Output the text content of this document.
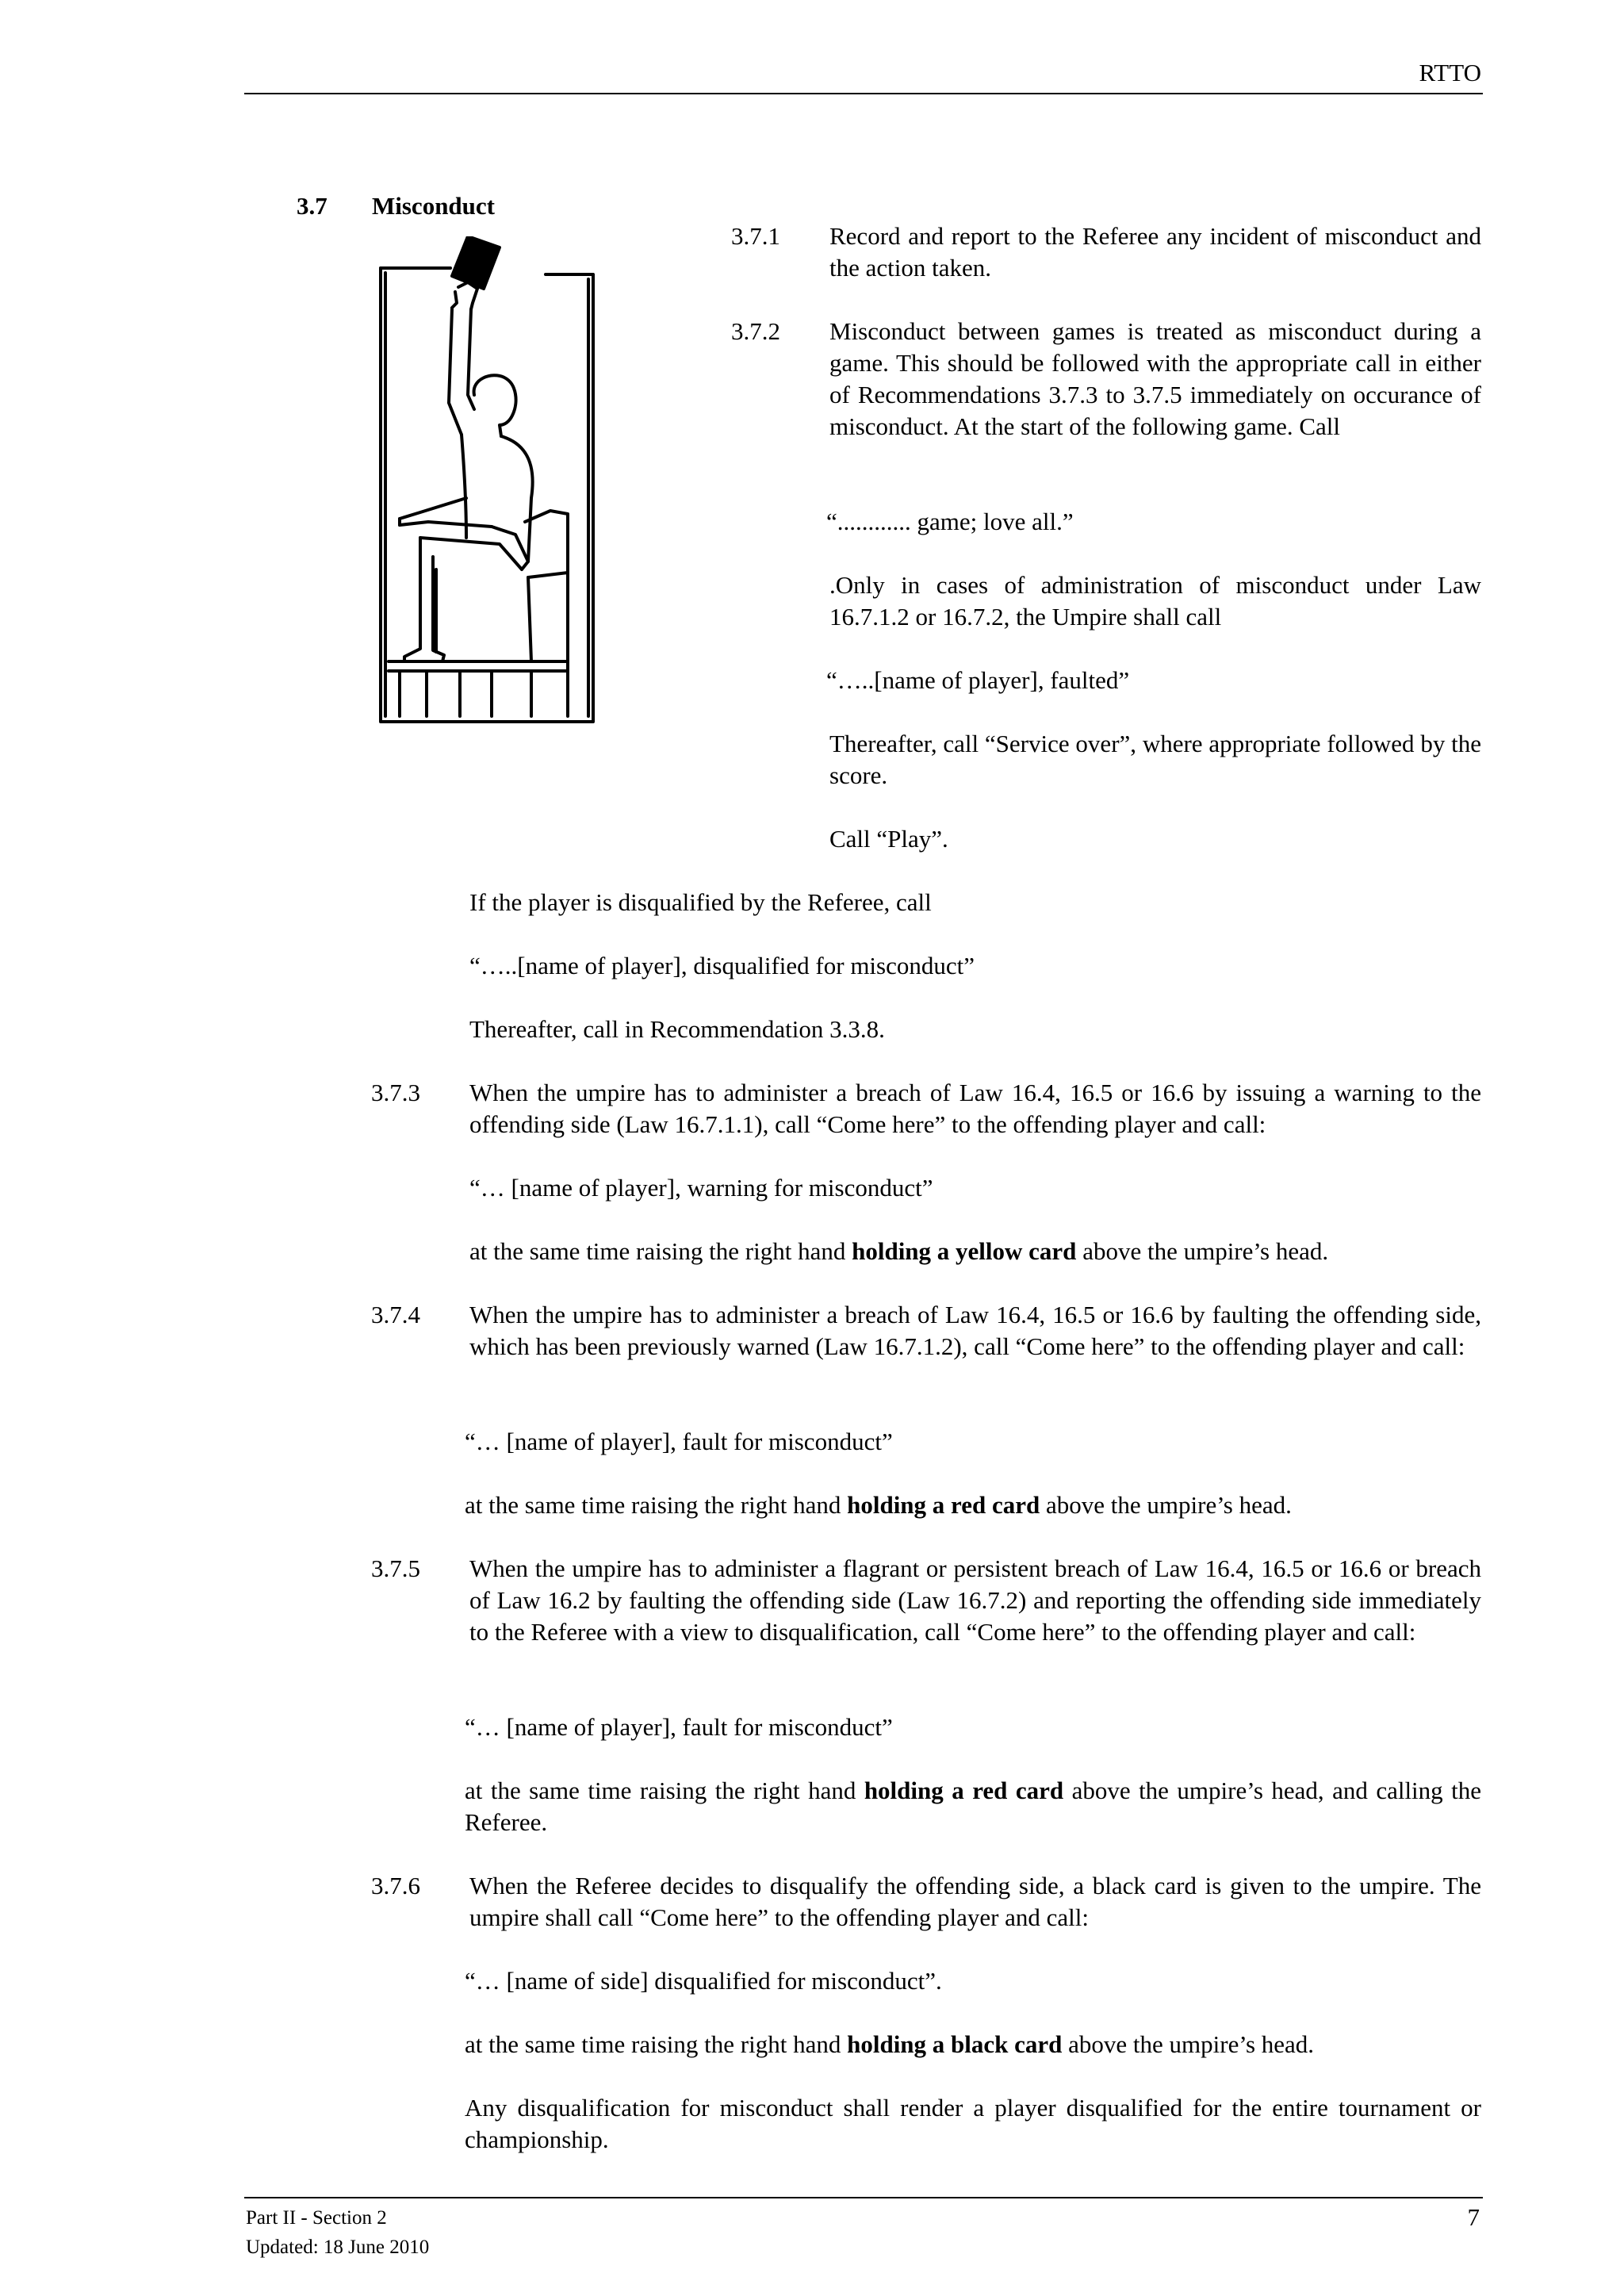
RTTO
3.7 Misconduct
3.7.1 Record and report to the Referee any incident of misconduct and the action taken.
3.7.2 Misconduct between games is treated as misconduct during a game. This should be followed with the appropriate call in either of Recommendations 3.7.3 to 3.7.5 immediately on occurance of misconduct. At the start of the following game. Call
“............ game; love all.”
.Only in cases of administration of misconduct under Law 16.7.1.2 or 16.7.2, the Umpire shall call
“…..[name of player], faulted”
Thereafter, call “Service over”, where appropriate followed by the score.
Call “Play”.
If the player is disqualified by the Referee, call
“…..[name of player], disqualified for misconduct”
Thereafter, call in Recommendation 3.3.8.
3.7.3 When the umpire has to administer a breach of Law 16.4, 16.5 or 16.6 by issuing a warning to the offending side (Law 16.7.1.1), call “Come here” to the offending player and call:
“… [name of player], warning for misconduct”
at the same time raising the right hand holding a yellow card above the umpire’s head.
3.7.4 When the umpire has to administer a breach of Law 16.4, 16.5 or 16.6 by faulting the offending side, which has been previously warned (Law 16.7.1.2), call “Come here” to the offending player and call:
“… [name of player], fault for misconduct”
at the same time raising the right hand holding a red card above the umpire’s head.
3.7.5 When the umpire has to administer a flagrant or persistent breach of Law 16.4, 16.5 or 16.6 or breach of Law 16.2 by faulting the offending side (Law 16.7.2) and reporting the offending side immediately to the Referee with a view to disqualification, call “Come here” to the offending player and call:
“… [name of player], fault for misconduct”
at the same time raising the right hand holding a red card above the umpire’s head, and calling the Referee.
3.7.6 When the Referee decides to disqualify the offending side, a black card is given to the umpire. The umpire shall call “Come here” to the offending player and call:
“… [name of side] disqualified for misconduct”.
at the same time raising the right hand holding a black card above the umpire’s head.
Any disqualification for misconduct shall render a player disqualified for the entire tournament or championship.
Part II - Section 2
Updated: 18 June 2010
7
